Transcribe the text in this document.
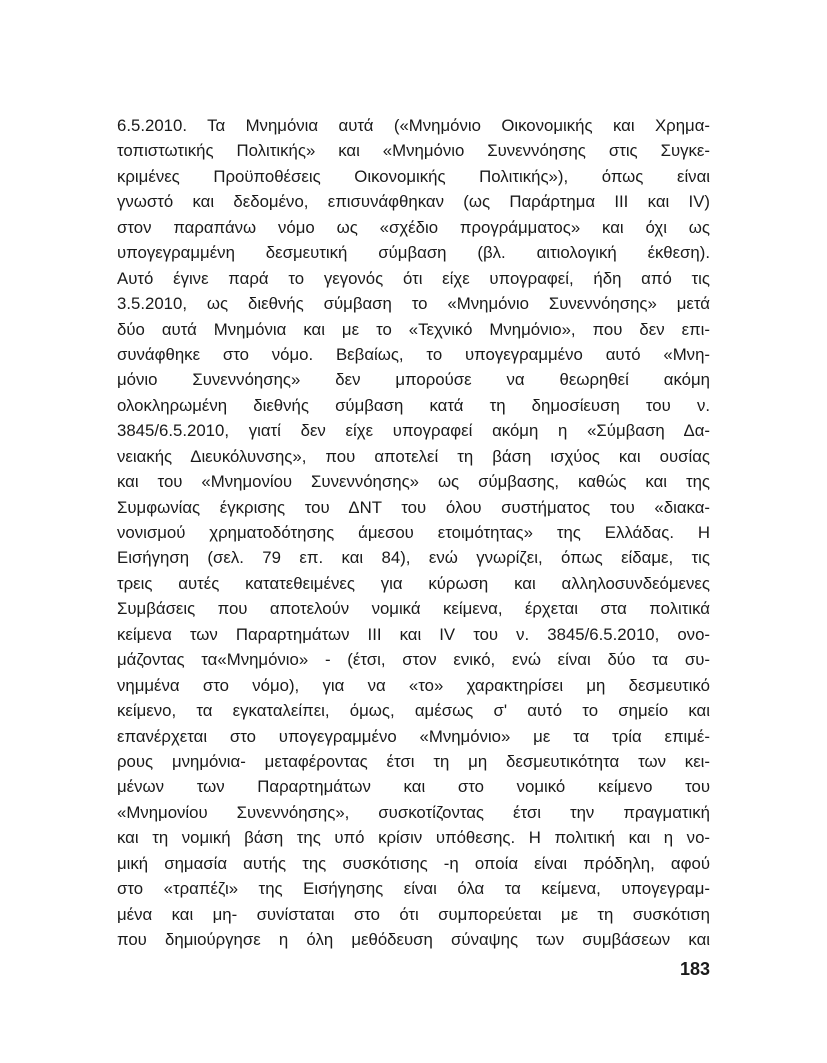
6.5.2010. Τα Μνημόνια αυτά («Μνημόνιο Οικονομικής και Χρημα-
τοπιστωτικής Πολιτικής» και «Μνημόνιο Συνεννόησης στις Συγκε-
κριμένες Προϋποθέσεις Οικονομικής Πολιτικής»), όπως είναι
γνωστό και δεδομένο, επισυνάφθηκαν (ως Παράρτημα ΙΙΙ και IV)
στον παραπάνω νόμο ως «σχέδιο προγράμματος» και όχι ως
υπογεγραμμένη δεσμευτική σύμβαση (βλ. αιτιολογική έκθεση).
Αυτό έγινε παρά το γεγονός ότι είχε υπογραφεί, ήδη από τις
3.5.2010, ως διεθνής σύμβαση το «Μνημόνιο Συνεννόησης» μετά
δύο αυτά Μνημόνια και με το «Τεχνικό Μνημόνιο», που δεν επι-
συνάφθηκε στο νόμο. Βεβαίως, το υπογεγραμμένο αυτό «Μνη-
μόνιο Συνεννόησης» δεν μπορούσε να θεωρηθεί ακόμη
ολοκληρωμένη διεθνής σύμβαση κατά τη δημοσίευση του ν.
3845/6.5.2010, γιατί δεν είχε υπογραφεί ακόμη η «Σύμβαση Δα-
νειακής Διευκόλυνσης», που αποτελεί τη βάση ισχύος και ουσίας
και του «Μνημονίου Συνεννόησης» ως σύμβασης, καθώς και της
Συμφωνίας έγκρισης του ΔΝΤ του όλου συστήματος του «διακα-
νονισμού χρηματοδότησης άμεσου ετοιμότητας» της Ελλάδας. Η
Εισήγηση (σελ. 79 επ. και 84), ενώ γνωρίζει, όπως είδαμε, τις
τρεις αυτές κατατεθειμένες για κύρωση και αλληλοσυνδεόμενες
Συμβάσεις που αποτελούν νομικά κείμενα, έρχεται στα πολιτικά
κείμενα των Παραρτημάτων ΙΙΙ και IV του ν. 3845/6.5.2010, ονο-
μάζοντας τα«Μνημόνιο» - (έτσι, στον ενικό, ενώ είναι δύο τα συ-
νημμένα στο νόμο), για να «το» χαρακτηρίσει μη δεσμευτικό
κείμενο, τα εγκαταλείπει, όμως, αμέσως σ' αυτό το σημείο και
επανέρχεται στο υπογεγραμμένο «Μνημόνιο» με τα τρία επιμέ-
ρους μνημόνια- μεταφέροντας έτσι τη μη δεσμευτικότητα των κει-
μένων των Παραρτημάτων και στο νομικό κείμενο του
«Μνημονίου Συνεννόησης», συσκοτίζοντας έτσι την πραγματική
και τη νομική βάση της υπό κρίσιν υπόθεσης. Η πολιτική και η νο-
μική σημασία αυτής της συσκότισης -η οποία είναι πρόδηλη, αφού
στο «τραπέζι» της Εισήγησης είναι όλα τα κείμενα, υπογεγραμ-
μένα και μη- συνίσταται στο ότι συμπορεύεται με τη συσκότιση
που δημιούργησε η όλη μεθόδευση σύναψης των συμβάσεων και
183
